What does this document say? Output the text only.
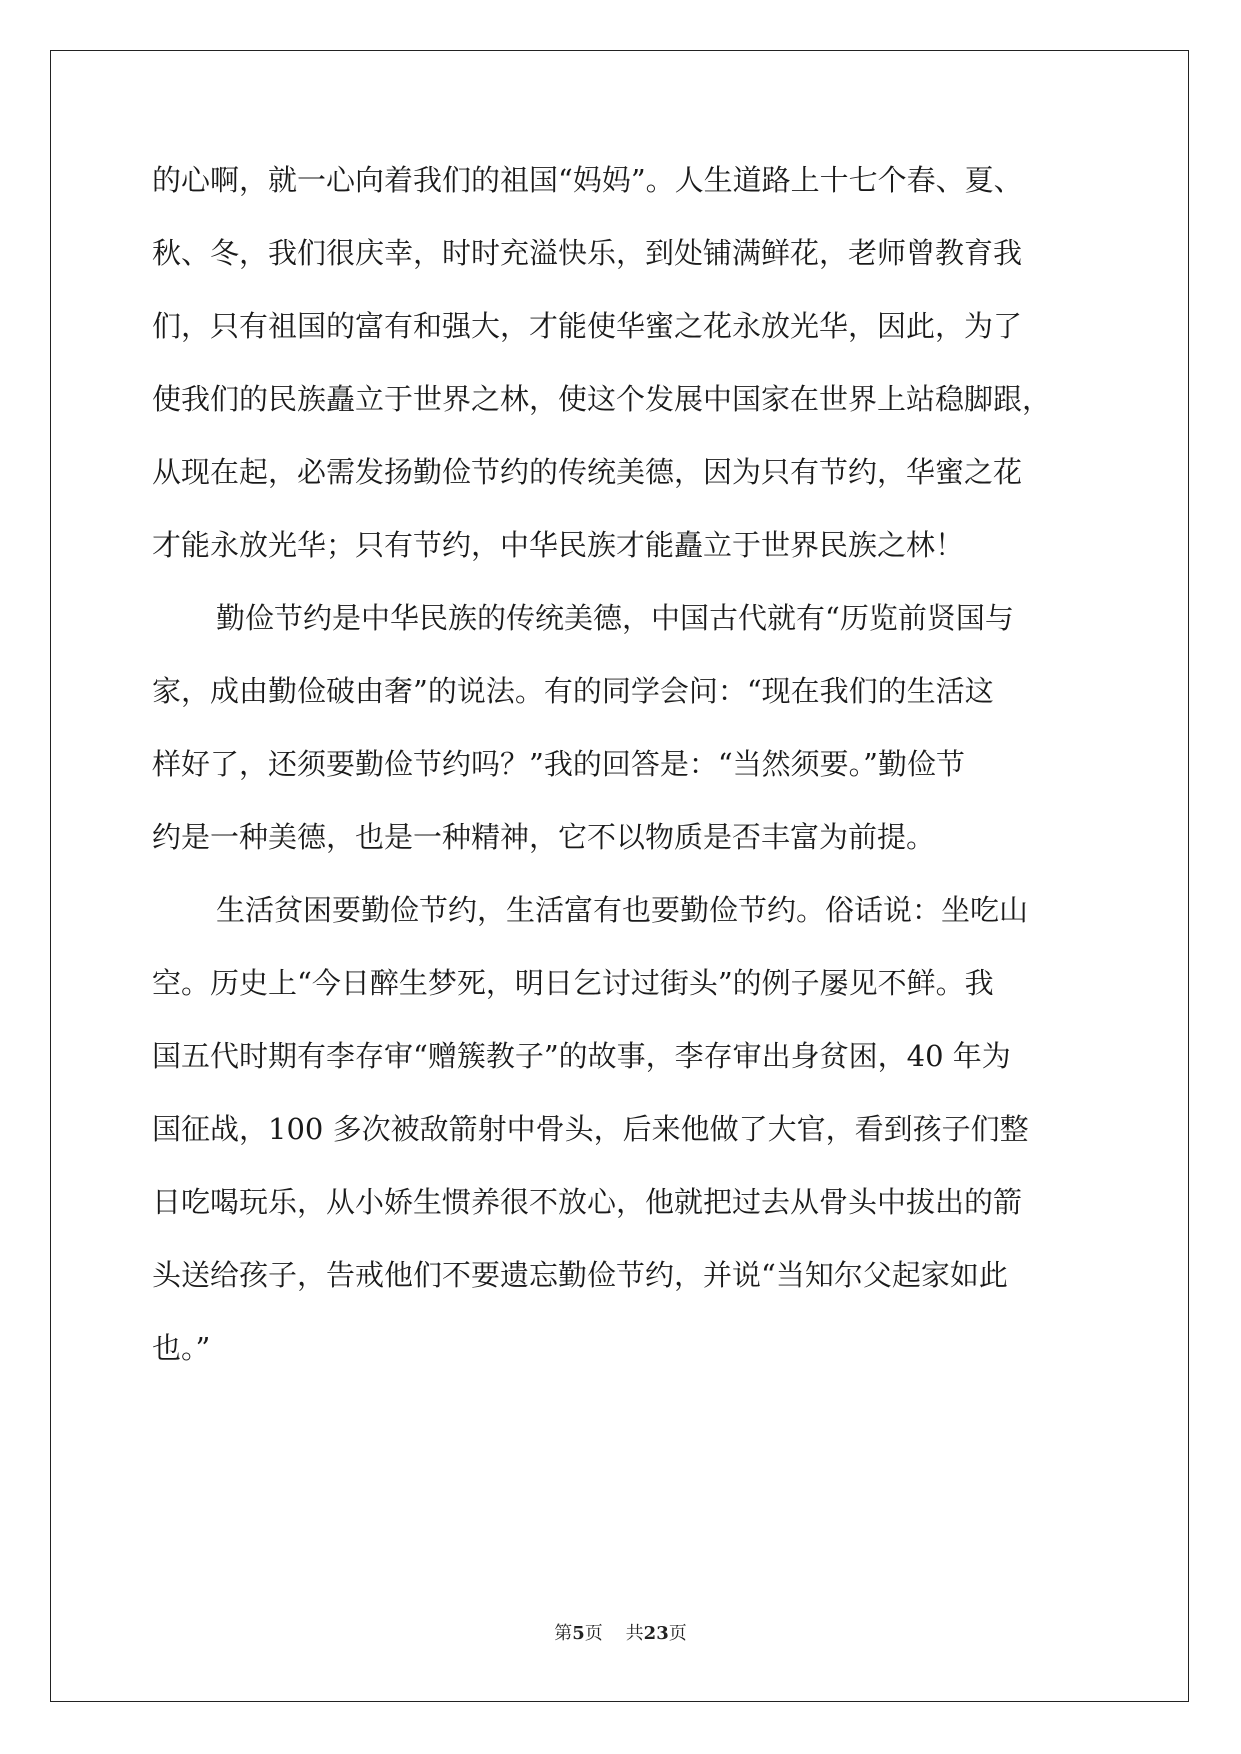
的心啊，就一心向着我们的祖国“妈妈”。人生道路上十七个春、夏、
秋、冬，我们很庆幸，时时充溢快乐，到处铺满鲜花，老师曾教育我
们，只有祖国的富有和强大，才能使华蜜之花永放光华，因此，为了
使我们的民族矗立于世界之林，使这个发展中国家在世界上站稳脚跟，
从现在起，必需发扬勤俭节约的传统美德，因为只有节约，华蜜之花
才能永放光华；只有节约，中华民族才能矗立于世界民族之林！
勤俭节约是中华民族的传统美德，中国古代就有“历览前贤国与
家，成由勤俭破由奢”的说法。有的同学会问：“现在我们的生活这
样好了，还须要勤俭节约吗？”我的回答是：“当然须要。”勤俭节
约是一种美德，也是一种精神，它不以物质是否丰富为前提。
生活贫困要勤俭节约，生活富有也要勤俭节约。俗话说：坐吃山
空。历史上“今日醉生梦死，明日乞讨过街头”的例子屡见不鲜。我
国五代时期有李存审“赠簇教子”的故事，李存审出身贫困，40 年为
国征战，100 多次被敌箭射中骨头，后来他做了大官，看到孩子们整
日吃喝玩乐，从小娇生惯养很不放心，他就把过去从骨头中拔出的箭
头送给孩子，告戒他们不要遗忘勤俭节约，并说“当知尔父起家如此
也。”
第5页 共23页
